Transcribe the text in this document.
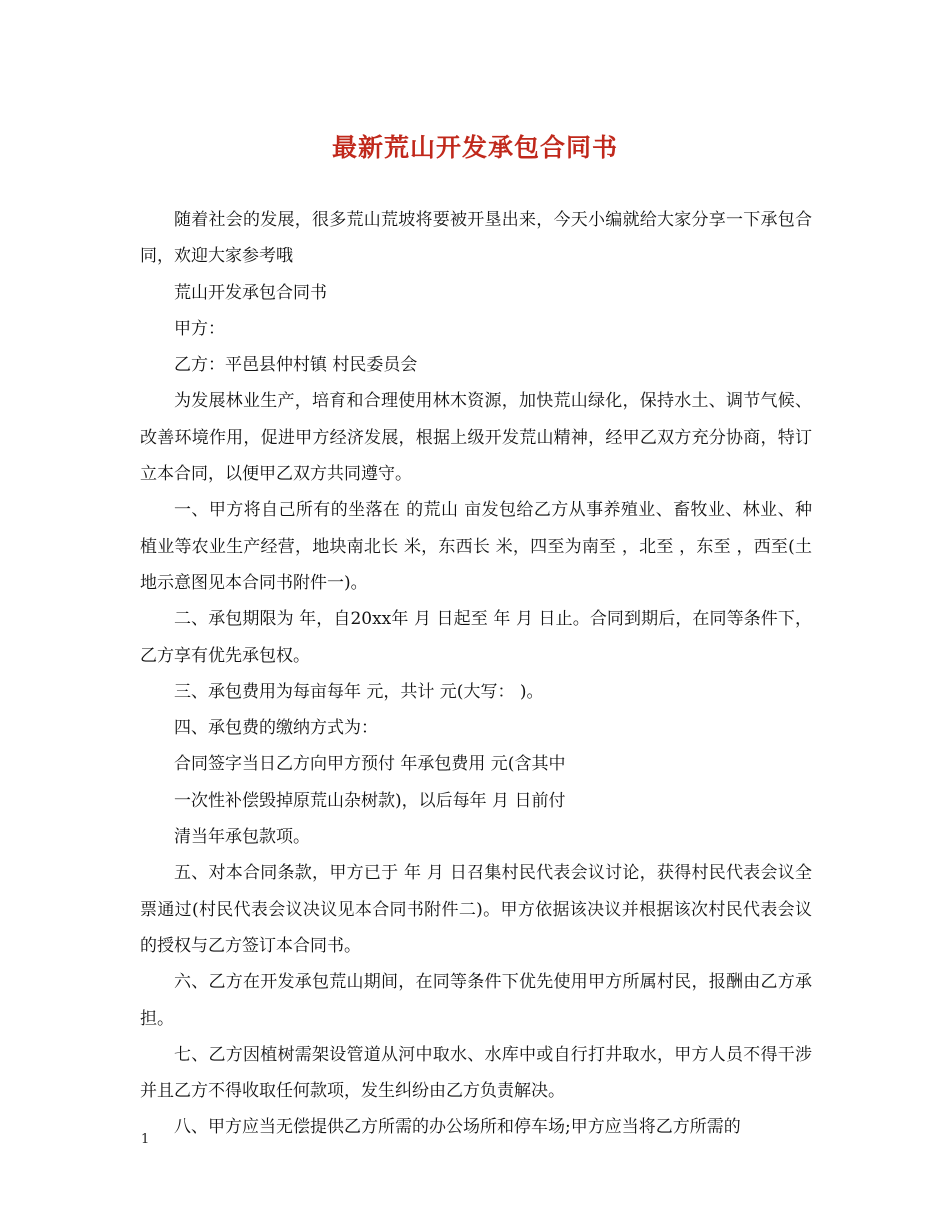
最新荒山开发承包合同书

随着社会的发展，很多荒山荒坡将要被开垦出来，今天小编就给大家分享一下承包合同，欢迎大家参考哦

荒山开发承包合同书

甲方：

乙方：平邑县仲村镇 村民委员会

为发展林业生产，培育和合理使用林木资源，加快荒山绿化，保持水土、调节气候、改善环境作用，促进甲方经济发展，根据上级开发荒山精神，经甲乙双方充分协商，特订立本合同，以便甲乙双方共同遵守。

一、甲方将自己所有的坐落在 的荒山 亩发包给乙方从事养殖业、畜牧业、林业、种植业等农业生产经营，地块南北长 米，东西长 米，四至为南至 ，北至 ，东至 ，西至(土地示意图见本合同书附件一)。

二、承包期限为 年，自20xx年 月 日起至 年 月 日止。合同到期后，在同等条件下，乙方享有优先承包权。

三、承包费用为每亩每年 元，共计 元(大写： )。

四、承包费的缴纳方式为：

合同签字当日乙方向甲方预付 年承包费用 元(含其中

一次性补偿毁掉原荒山杂树款)，以后每年 月 日前付

清当年承包款项。

五、对本合同条款，甲方已于 年 月 日召集村民代表会议讨论，获得村民代表会议全票通过(村民代表会议决议见本合同书附件二)。甲方依据该决议并根据该次村民代表会议的授权与乙方签订本合同书。

六、乙方在开发承包荒山期间，在同等条件下优先使用甲方所属村民，报酬由乙方承担。

七、乙方因植树需架设管道从河中取水、水库中或自行打井取水，甲方人员不得干涉并且乙方不得收取任何款项，发生纠纷由乙方负责解决。

八、甲方应当无偿提供乙方所需的办公场所和停车场;甲方应当将乙方所需的

1
